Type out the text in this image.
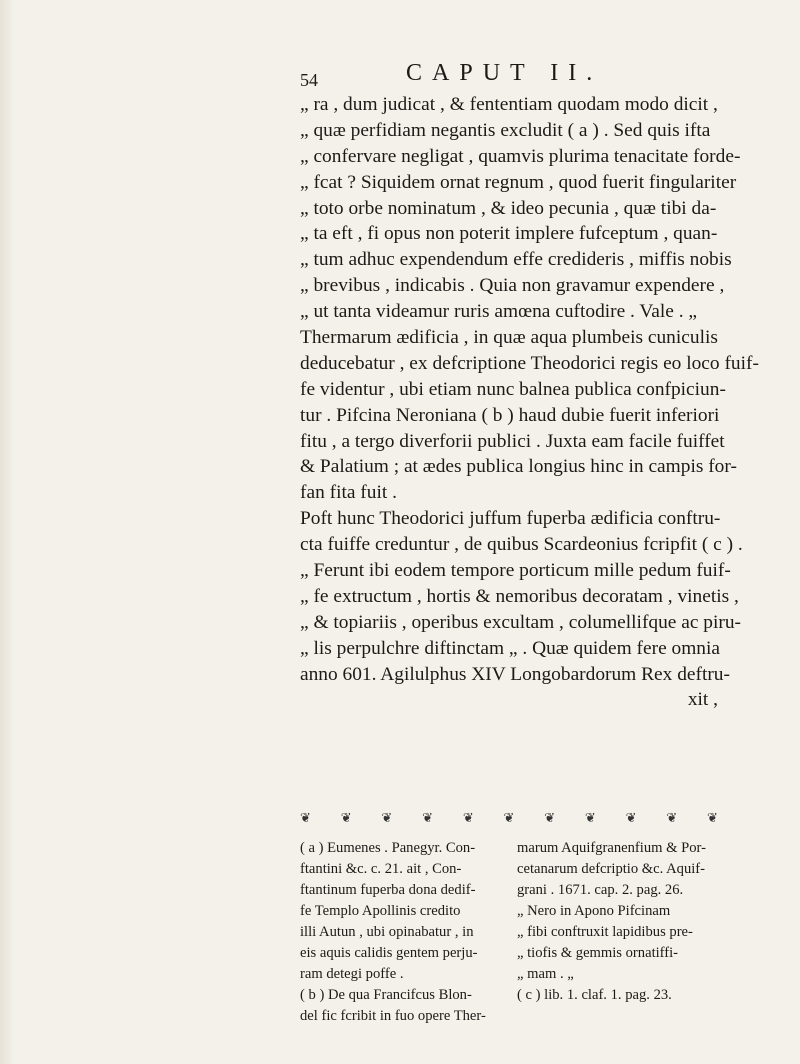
54	CAPUT II.
„ ra , dum judicat , & fententiam quodam modo dicit ,
„ quæ perfidiam negantis excludit ( a ) . Sed quis ifta
„ confervare negligat , quamvis plurima tenacitate forde-
„ fcat ? Siquidem ornat regnum , quod fuerit fingulariter
„ toto orbe nominatum , & ideo pecunia , quæ tibi da-
„ ta eft , fi opus non poterit implere fufceptum , quan-
„ tum adhuc expendendum effe credideris , miffis nobis
„ brevibus , indicabis . Quia non gravamur expendere ,
„ ut tanta videamur ruris amœna cuftodire . Vale . „
Thermarum ædificia , in quæ aqua plumbeis cuniculis
deducebatur , ex defcriptione Theodorici regis eo loco fuif-
fe videntur , ubi etiam nunc balnea publica confpiciun-
tur . Pifcina Neroniana ( b ) haud dubie fuerit inferiori
fitu , a tergo diverforii publici . Juxta eam facile fuiffet
& Palatium ; at ædes publica longius hinc in campis for-
fan fita fuit .
Poft hunc Theodorici juffum fuperba ædificia conftru-
cta fuiffe creduntur , de quibus Scardeonius fcripfit ( c ) .
„ Ferunt ibi eodem tempore porticum mille pedum fuif-
„ fe extructum , hortis & nemoribus decoratam , vinetis ,
„ & topiariis , operibus excultam , columellifque ac piru-
„ lis perpulchre diftinctam „ . Quæ quidem fere omnia
anno 601. Agilulphus XIV Longobardorum Rex deftru-
xit ,
❦ ❦ ❦ ❦ ❦ ❦ ❦ ❦ ❦ ❦ ❦
( a ) Eumenes . Panegyr. Con-
ftantini &c. c. 21. ait , Con-
ftantinum fuperba dona dedif-
fe Templo Apollinis credito
illi Autun , ubi opinabatur , in
eis aquis calidis gentem perju-
ram detegi poffe .
( b ) De qua Francifcus Blon-
del fic fcribit in fuo opere Ther-
marum Aquifgranenfium & Por-
cetanarum defcriptio &c. Aquif-
grani . 1671. cap. 2. pag. 26.
„ Nero in Apono Pifcinam
„ fibi conftruxit lapidibus pre-
„ tiofis & gemmis ornatiffi-
„ mam . „
( c ) lib. 1. claf. 1. pag. 23.
